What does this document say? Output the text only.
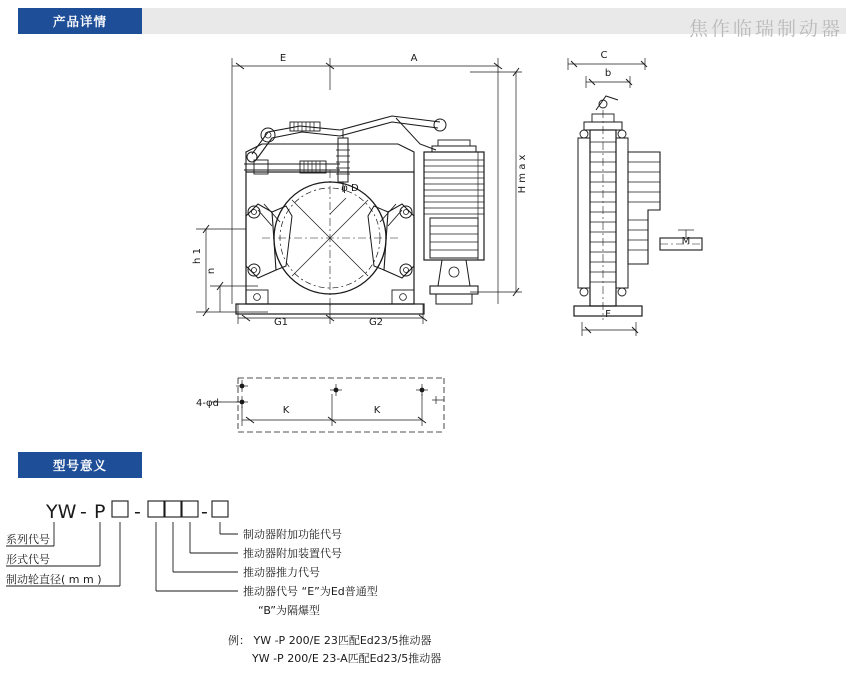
产品详情	焦作临瑞制动器
E	A	C
b
G1	G2
F
M
K	K
4-φd
φ D	H m a x
h 1
n
型号意义
YW - P -	-
系列代号
形式代号
制动轮直径( m m )
制动器附加功能代号
推动器附加装置代号
推动器推力代号
推动器代号 “E”为Ed普通型
“B”为隔爆型
例： YW -P 200/E 23匹配Ed23/5推动器
YW -P 200/E 23-A匹配Ed23/5推动器
